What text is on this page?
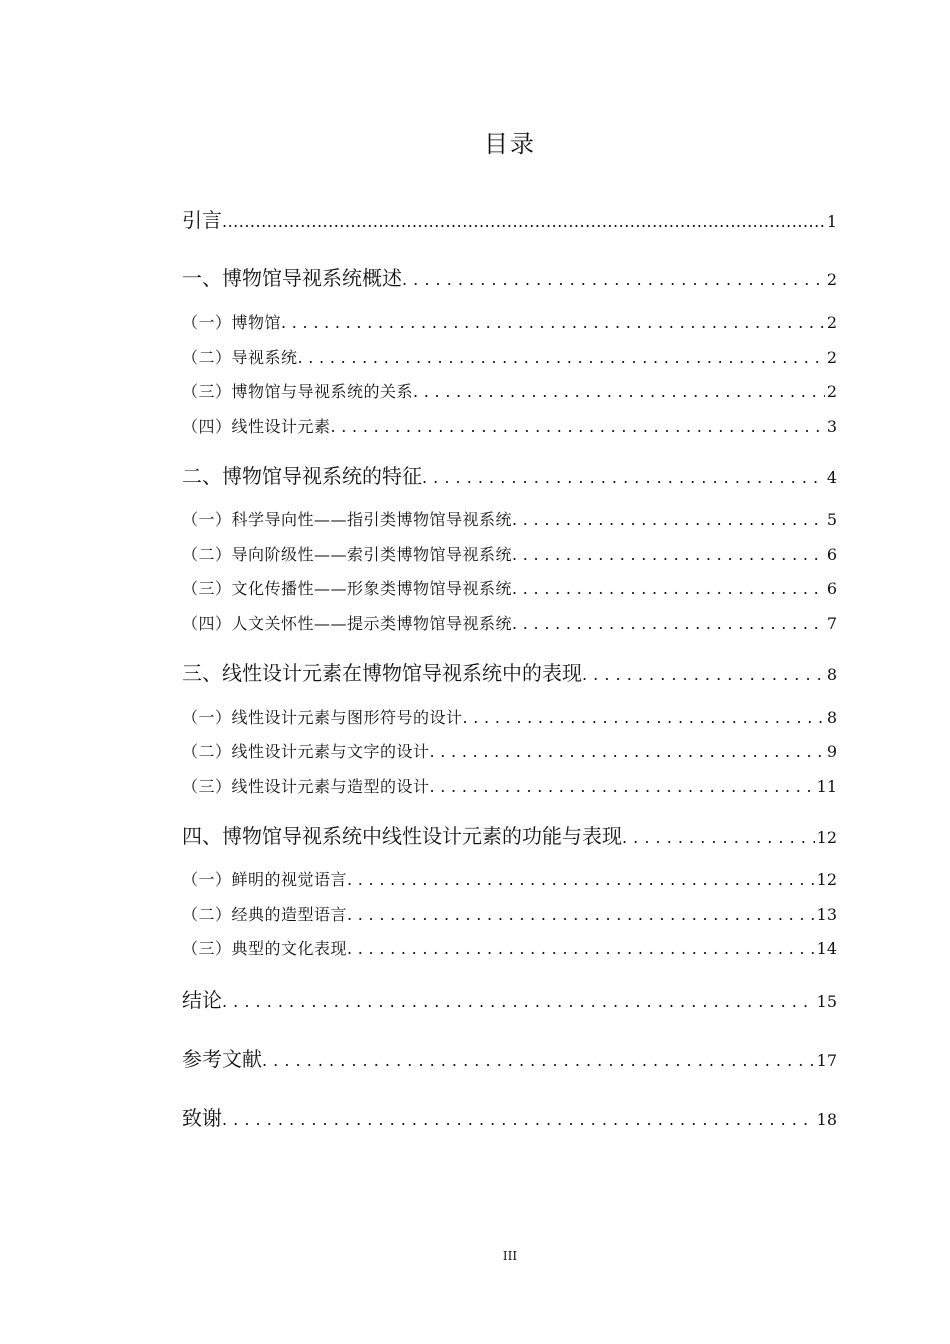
目录
引言 .....	1
一、博物馆导视系统概述 . . .	2
（一）博物馆 . . .	2
（二）导视系统 . . .	2
（三）博物馆与导视系统的关系 . . .	2
（四）线性设计元素 . . .	3
二、博物馆导视系统的特征 . . .	4
（一）科学导向性——指引类博物馆导视系统 . . .	5
（二）导向阶级性——索引类博物馆导视系统 . . .	6
（三）文化传播性——形象类博物馆导视系统 . . .	6
（四）人文关怀性——提示类博物馆导视系统 . . .	7
三、线性设计元素在博物馆导视系统中的表现 . . .	8
（一）线性设计元素与图形符号的设计 . . .	8
（二）线性设计元素与文字的设计 . . .	9
（三）线性设计元素与造型的设计 . . .	11
四、博物馆导视系统中线性设计元素的功能与表现 . . .	12
（一）鲜明的视觉语言 . . .	12
（二）经典的造型语言 . . .	13
（三）典型的文化表现 . . .	14
结论 . . .	15
参考文献 . . .	17
致谢 . . .	18
III
